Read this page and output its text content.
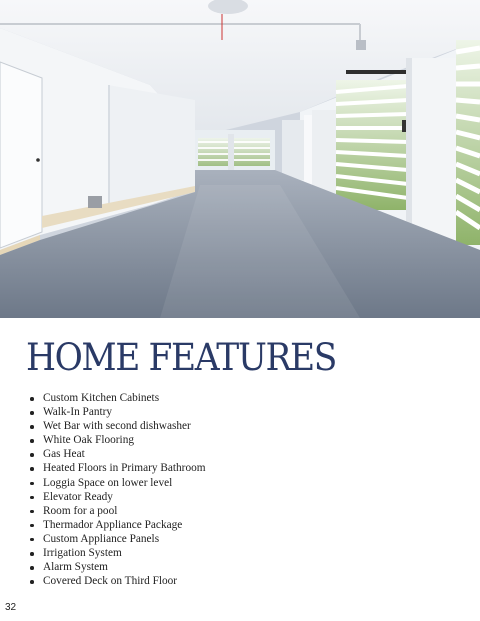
HOME FEATURES
Custom Kitchen Cabinets
Walk-In Pantry
Wet Bar with second dishwasher
White Oak Flooring
Gas Heat
Heated Floors in Primary Bathroom
Loggia Space on lower level
Elevator Ready
Room for a pool
Thermador Appliance Package
Custom Appliance Panels
Irrigation System
Alarm System
Covered Deck on Third Floor
32
